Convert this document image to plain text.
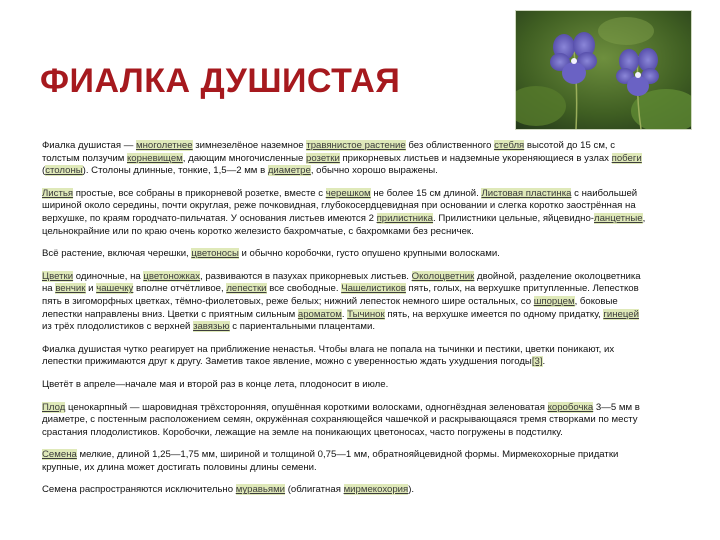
ФИАЛКА ДУШИСТАЯ

Фиалка душистая — многолетнее зимнезелёное наземное травянистое растение без облиственного стебля высотой до 15 см, с толстым ползучим корневищем, дающим многочисленные розетки прикорневых листьев и надземные укореняющиеся в узлах побеги (столоны). Столоны длинные, тонкие, 1,5—2 мм в диаметре, обычно хорошо выражены.

Листья простые, все собраны в прикорневой розетке, вместе с черешком не более 15 см длиной. Листовая пластинка с наибольшей шириной около середины, почти округлая, реже почковидная, глубокосердцевидная при основании и слегка коротко заострённая на верхушке, по краям городчато-пильчатая. У основания листьев имеются 2 прилистника. Прилистники цельные, яйцевидно-ланцетные, цельнокрайние или по краю очень коротко железисто бахромчатые, с бахромками без ресничек.

Всё растение, включая черешки, цветоносы и обычно коробочки, густо опушено крупными волосками.

Цветки одиночные, на цветоножках, развиваются в пазухах прикорневых листьев. Околоцветник двойной, разделение околоцветника на венчик и чашечку вполне отчётливое, лепестки все свободные. Чашелистиков пять, голых, на верхушке притупленные. Лепестков пять в зигоморфных цветках, тёмно-фиолетовых, реже белых; нижний лепесток немного шире остальных, со шпорцем, боковые лепестки направлены вниз. Цветки с приятным сильным ароматом. Тычинок пять, на верхушке имеется по одному придатку, гинецей из трёх плодолистиков с верхней завязью с париентальными плацентами.

Фиалка душистая чутко реагирует на приближение ненастья. Чтобы влага не попала на тычинки и пестики, цветки поникают, их лепестки прижимаются друг к другу. Заметив такое явление, можно с уверенностью ждать ухудшения погоды[3].

Цветёт в апреле—начале мая и второй раз в конце лета, плодоносит в июле.

Плод ценокарпный — шаровидная трёхсторонняя, опушённая короткими волосками, одногнёздная зеленоватая коробочка 3—5 мм в диаметре, с постенным расположением семян, окружённая сохраняющейся чашечкой и раскрывающаяся тремя створками по месту срастания плодолистиков. Коробочки, лежащие на земле на поникающих цветоносах, часто погружены в подстилку.

Семена мелкие, длиной 1,25—1,75 мм, шириной и толщиной 0,75—1 мм, обратнояйцевидной формы. Мирмекохорные придатки крупные, их длина может достигать половины длины семени.

Семена распространяются исключительно муравьями (облигатная мирмекохория).
